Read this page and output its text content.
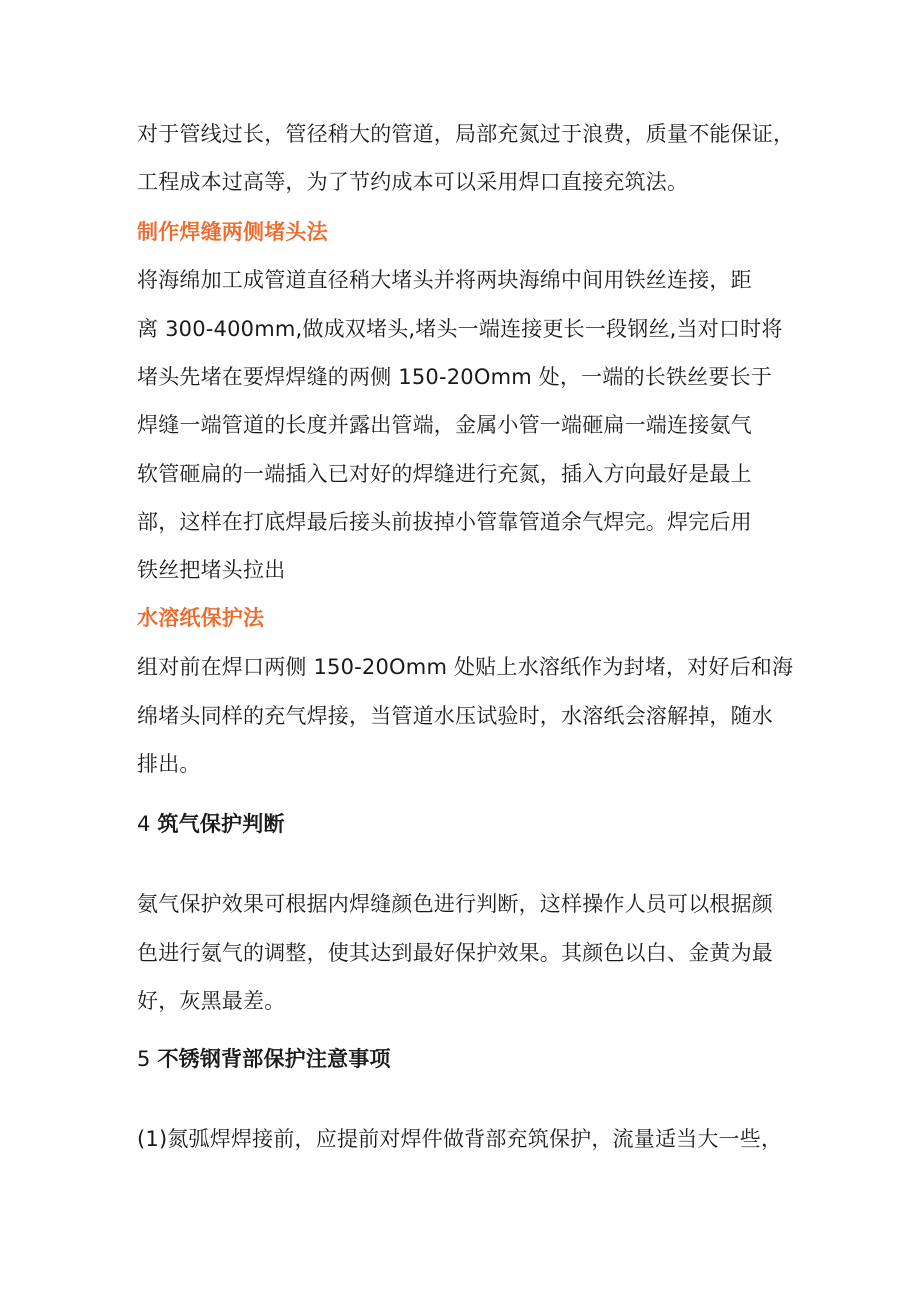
对于管线过长，管径稍大的管道，局部充氮过于浪费，质量不能保证，
工程成本过高等，为了节约成本可以采用焊口直接充筑法。
制作焊缝两侧堵头法
将海绵加工成管道直径稍大堵头并将两块海绵中间用铁丝连接，距
离 300-400mm,做成双堵头,堵头一端连接更长一段钢丝,当对口时将
堵头先堵在要焊焊缝的两侧 150-20Omm 处，一端的长铁丝要长于
焊缝一端管道的长度并露出管端，金属小管一端砸扁一端连接氨气
软管砸扁的一端插入已对好的焊缝进行充氮，插入方向最好是最上
部，这样在打底焊最后接头前拔掉小管靠管道余气焊完。焊完后用
铁丝把堵头拉出
水溶纸保护法
组对前在焊口两侧 150-20Omm 处贴上水溶纸作为封堵，对好后和海
绵堵头同样的充气焊接，当管道水压试验时，水溶纸会溶解掉，随水
排出。
4 筑气保护判断
氨气保护效果可根据内焊缝颜色进行判断，这样操作人员可以根据颜
色进行氨气的调整，使其达到最好保护效果。其颜色以白、金黄为最
好，灰黑最差。
5 不锈钢背部保护注意事项
(1)氮弧焊焊接前，应提前对焊件做背部充筑保护，流量适当大一些，
